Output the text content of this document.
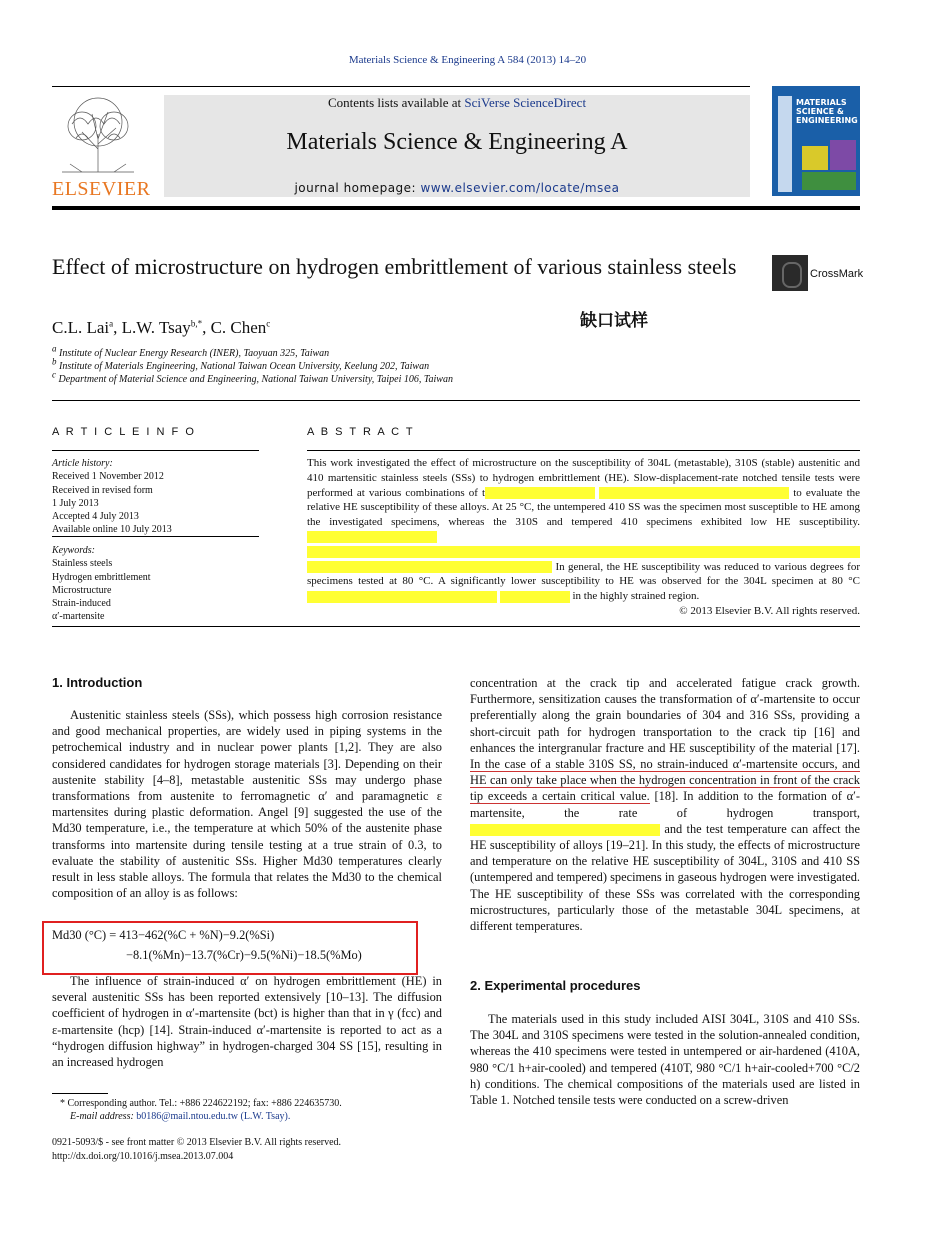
Materials Science & Engineering A 584 (2013) 14–20
ELSEVIER
Contents lists available at SciVerse ScienceDirect
Materials Science & Engineering A
journal homepage: www.elsevier.com/locate/msea
MATERIALS SCIENCE & ENGINEERING
Effect of microstructure on hydrogen embrittlement of various stainless steels	CrossMark
缺口试样
C.L. Lai$^a$, L.W. Tsay$^{b,*}$, C. Chen$^c$
a Institute of Nuclear Energy Research (INER), Taoyuan 325, Taiwan
b Institute of Materials Engineering, National Taiwan Ocean University, Keelung 202, Taiwan
c Department of Material Science and Engineering, National Taiwan University, Taipei 106, Taiwan
A R T I C L E I N F O
Article history:
Received 1 November 2012
Received in revised form
1 July 2013
Accepted 4 July 2013
Available online 10 July 2013
Keywords:
Stainless steels
Hydrogen embrittlement
Microstructure
Strain-induced
α′-martensite
A B S T R A C T
This work investigated the effect of microstructure on the susceptibility of 304L (metastable), 310S (stable) austenitic and 410 martensitic stainless steels (SSs) to hydrogen embrittlement (HE). Slow-displacement-rate notched tensile tests were performed at various combinations of t	to evaluate the relative HE susceptibility of these alloys. At 25 °C, the untempered 410 SS was the specimen most susceptible to HE among the investigated specimens, whereas the 310S and tempered 410 specimens exhibited low HE susceptibility.   In general, the HE susceptibility was reduced to various degrees for specimens tested at 80 °C. A significantly lower susceptibility to HE was observed for the 304L specimen at 80 °C   in the highly strained region.
© 2013 Elsevier B.V. All rights reserved.
1. Introduction
Austenitic stainless steels (SSs), which possess high corrosion resistance and good mechanical properties, are widely used in piping systems in the petrochemical industry and in nuclear power plants [1,2]. They are also considered candidates for hydrogen storage materials [3]. Depending on their austenite stability [4–8], metastable austenitic SSs may undergo phase transformations from austenite to ferromagnetic α′ and paramagnetic ε martensites during plastic deformation. Angel [9] suggested the use of the Md30 temperature, i.e., the temperature at which 50% of the austenite phase transforms into martensite during tensile testing at a true strain of 0.3, to evaluate the stability of austenitic SSs. Higher Md30 temperatures clearly result in less stable alloys. The formula that relates the Md30 to the chemical composition of an alloy is as follows:
Md30 (°C) = 413−462(%C + %N)−9.2(%Si)
−8.1(%Mn)−13.7(%Cr)−9.5(%Ni)−18.5(%Mo)
The influence of strain-induced α′ on hydrogen embrittlement (HE) in several austenitic SSs has been reported extensively [10–13]. The diffusion coefficient of hydrogen in α′-martensite (bct) is higher than that in γ (fcc) and ε-martensite (hcp) [14]. Strain-induced α′-martensite is reported to act as a “hydrogen diffusion highway” in hydrogen-charged 304 SS [15], resulting in an increased hydrogen
* Corresponding author. Tel.: +886 224622192; fax: +886 224635730.
E-mail address: b0186@mail.ntou.edu.tw (L.W. Tsay).
0921-5093/$ - see front matter © 2013 Elsevier B.V. All rights reserved.
http://dx.doi.org/10.1016/j.msea.2013.07.004
concentration at the crack tip and accelerated fatigue crack growth. Furthermore, sensitization causes the transformation of α′-martensite to occur preferentially along the grain boundaries of 304 and 316 SSs, providing a short-circuit path for hydrogen transportation to the crack tip [16] and enhances the intergranular fracture and HE susceptibility of the material [17]. In the case of a stable 310S SS, no strain-induced α′-martensite occurs, and HE can only take place when the hydrogen concentration in front of the crack tip exceeds a certain critical value. [18]. In addition to the formation of α′-martensite, the rate of hydrogen transport,  and the test temperature can affect the HE susceptibility of alloys [19–21]. In this study, the effects of microstructure and temperature on the relative HE susceptibility of 304L, 310S and 410 SS (untempered and tempered) specimens in gaseous hydrogen were investigated. The HE susceptibility of these SSs was correlated with the corresponding microstructures, particularly those of the metastable 304L specimens, at different temperatures.
2. Experimental procedures
The materials used in this study included AISI 304L, 310S and 410 SSs. The 304L and 310S specimens were tested in the solution-annealed condition, whereas the 410 specimens were tested in untempered or air-hardened (410A, 980 °C/1 h+air-cooled) and tempered (410T, 980 °C/1 h+air-cooled+700 °C/2 h) conditions. The chemical compositions of the materials used are listed in Table 1. Notched tensile tests were conducted on a screw-driven
